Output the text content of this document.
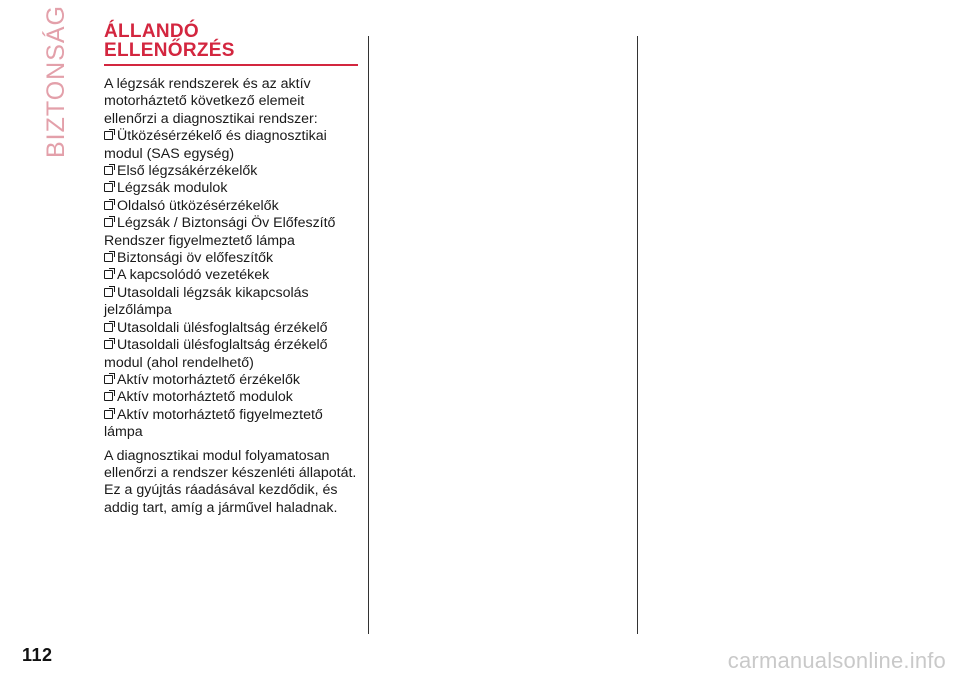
BIZTONSÁG	ÁLLANDÓ
ELLENŐRZÉS

A légzsák rendszerek és az aktív motorháztető következő elemeit ellenőrzi a diagnosztikai rendszer:

Ütközésérzékelő és diagnosztikai modul (SAS egység)
Első légzsákérzékelők
Légzsák modulok
Oldalsó ütközésérzékelők
Légzsák / Biztonsági Öv Előfeszítő Rendszer figyelmeztető lámpa
Biztonsági öv előfeszítők
A kapcsolódó vezetékek
Utasoldali légzsák kikapcsolás jelzőlámpa
Utasoldali ülésfoglaltság érzékelő
Utasoldali ülésfoglaltság érzékelő modul (ahol rendelhető)
Aktív motorháztető érzékelők
Aktív motorháztető modulok
Aktív motorháztető figyelmeztető lámpa

A diagnosztikai modul folyamatosan ellenőrzi a rendszer készenléti állapotát. Ez a gyújtás ráadásával kezdődik, és addig tart, amíg a járművel haladnak.

112	carmanualsonline.info
